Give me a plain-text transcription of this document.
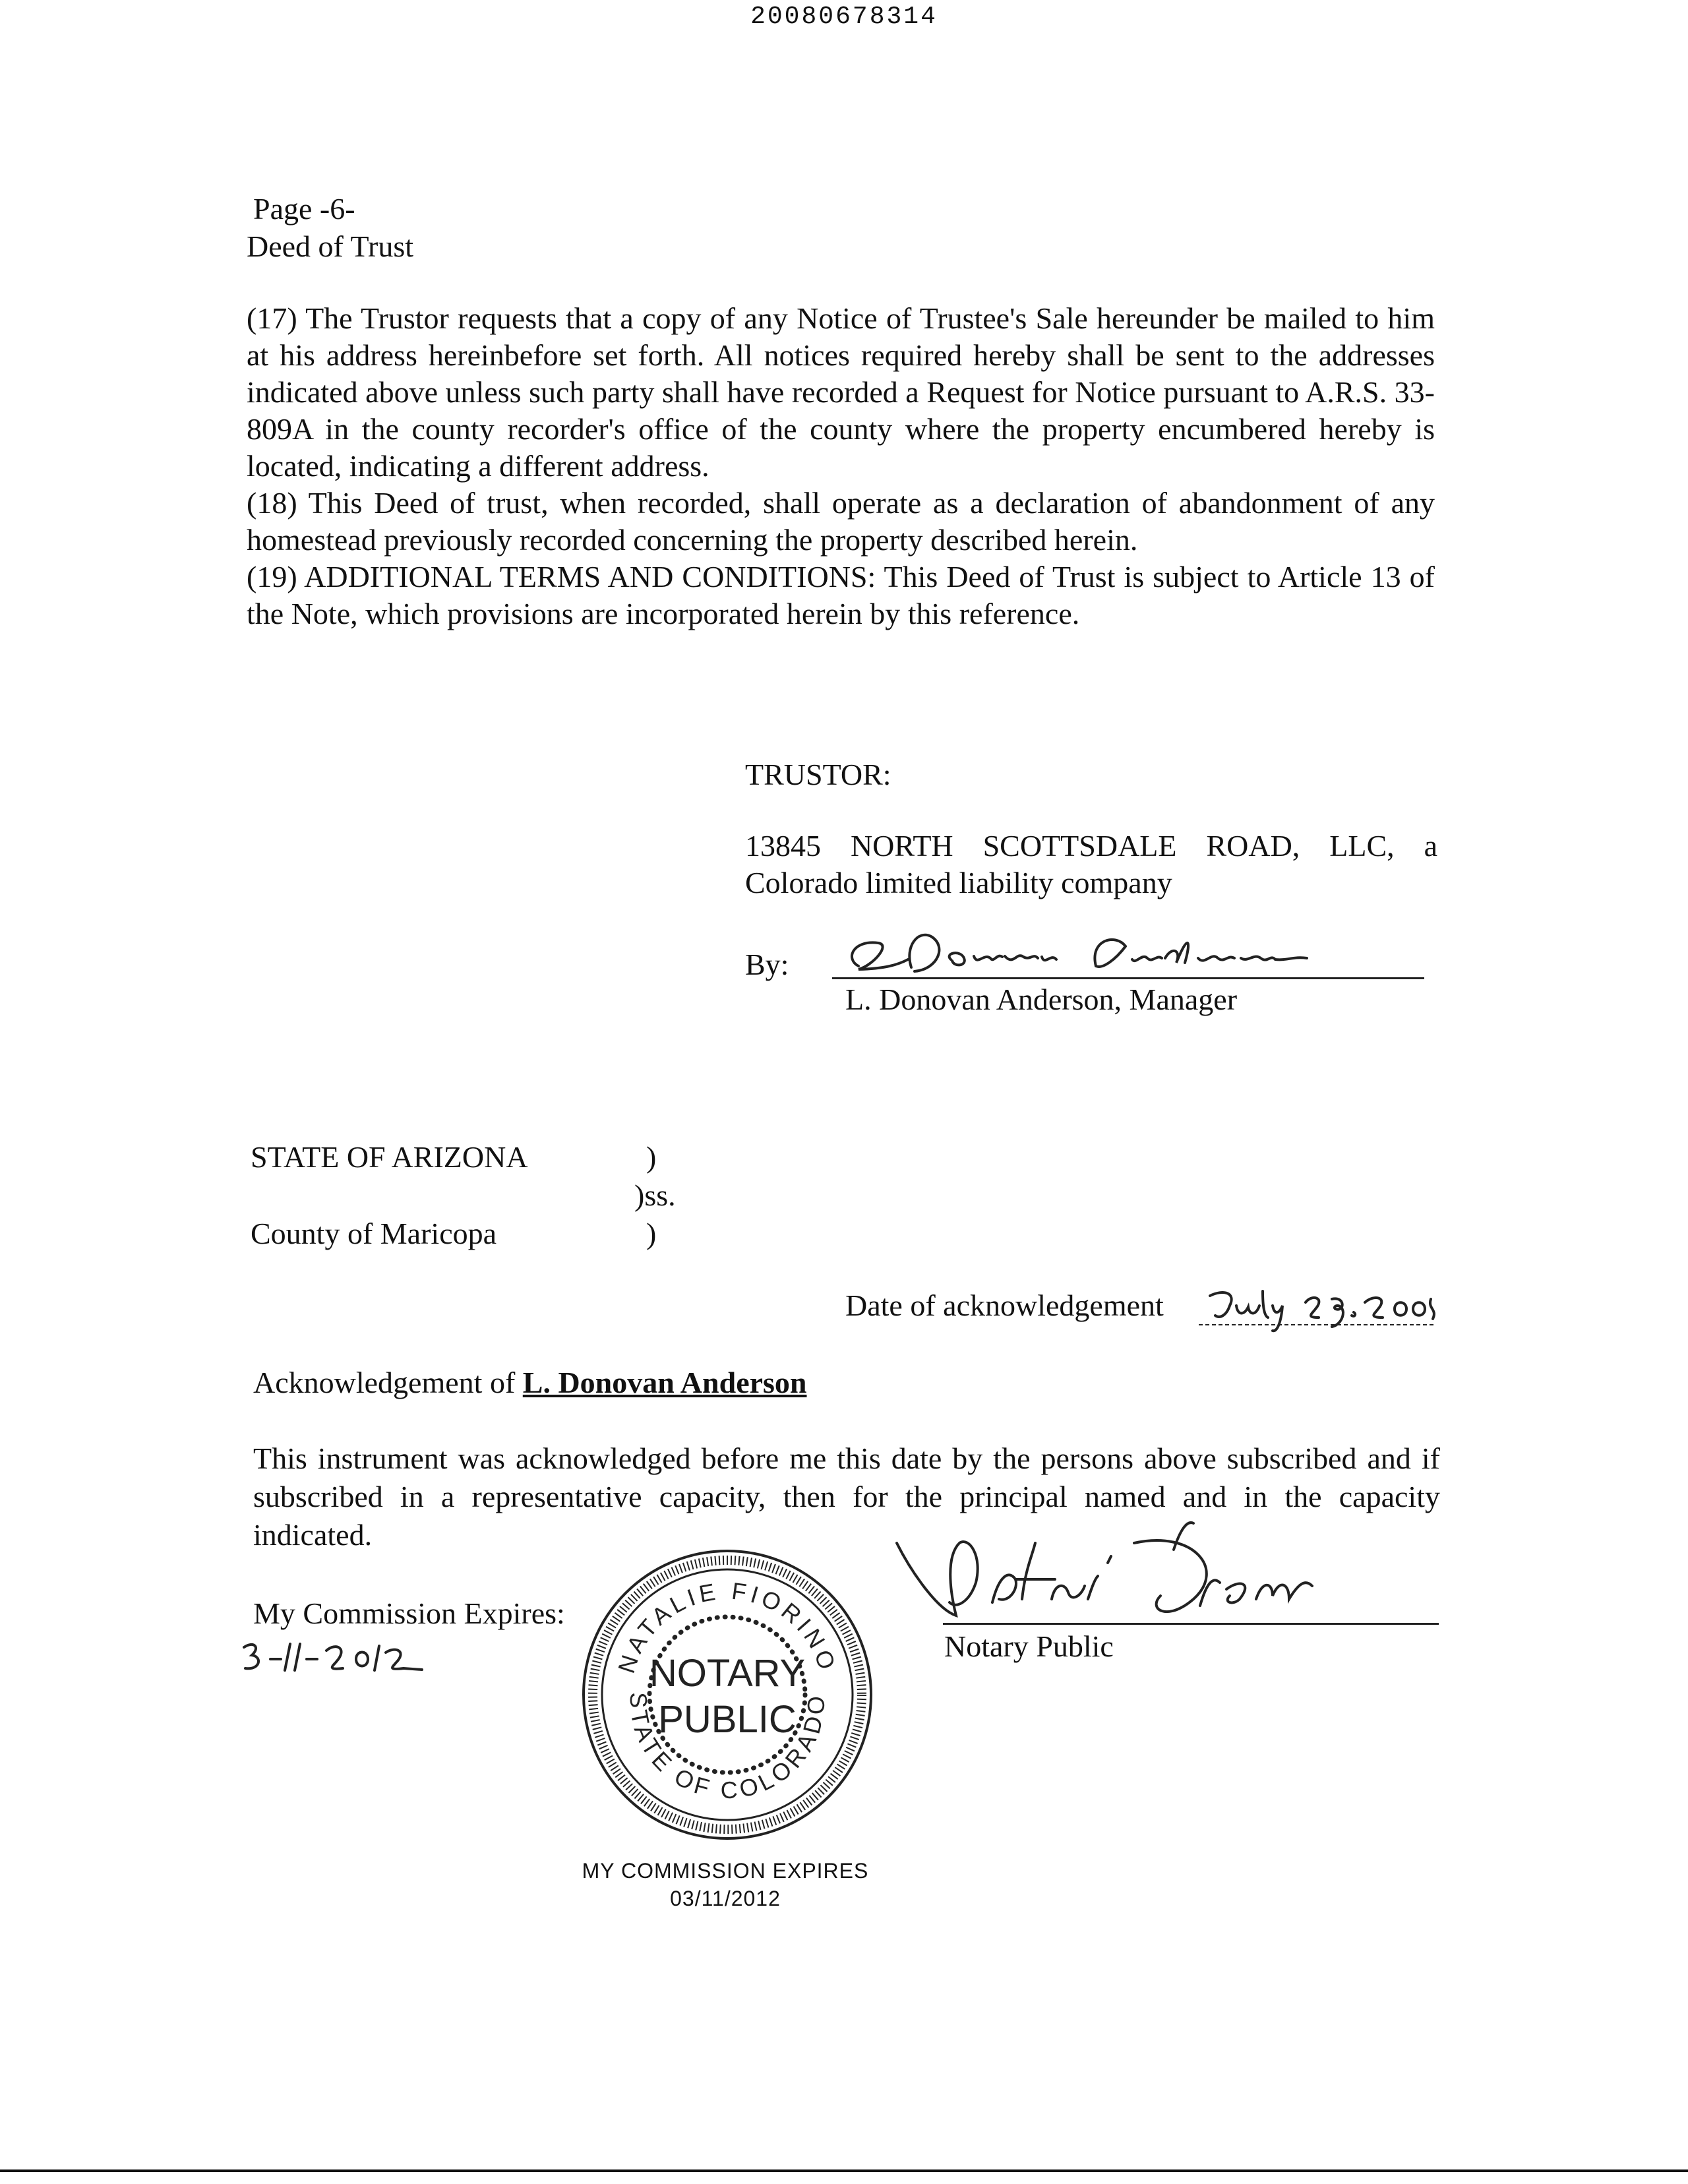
20080678314
Page -6-
Deed of Trust

(17) The Trustor requests that a copy of any Notice of Trustee's Sale hereunder be mailed to him at his address hereinbefore set forth. All notices required hereby shall be sent to the addresses indicated above unless such party shall have recorded a Request for Notice pursuant to A.R.S. 33-809A in the county recorder's office of the county where the property encumbered hereby is located, indicating a different address.

(18) This Deed of trust, when recorded, shall operate as a declaration of abandonment of any homestead previously recorded concerning the property described herein.

(19) ADDITIONAL TERMS AND CONDITIONS: This Deed of Trust is subject to Article 13 of the Note, which provisions are incorporated herein by this reference.

TRUSTOR:
13845 NORTH SCOTTSDALE ROAD, LLC, a Colorado limited liability company
By:
L. Donovan Anderson, Manager
STATE OF ARIZONA	)
)ss.
County of Maricopa	)
Date of acknowledgement
Acknowledgement of L. Donovan Anderson
This instrument was acknowledged before me this date by the persons above subscribed and if subscribed in a representative capacity, then for the principal named and in the capacity indicated.
My Commission Expires:
Notary Public
NATALIE FIORINO
STATE OF COLORADO
NOTARY
PUBLIC
MY COMMISSION EXPIRES
03/11/2012
